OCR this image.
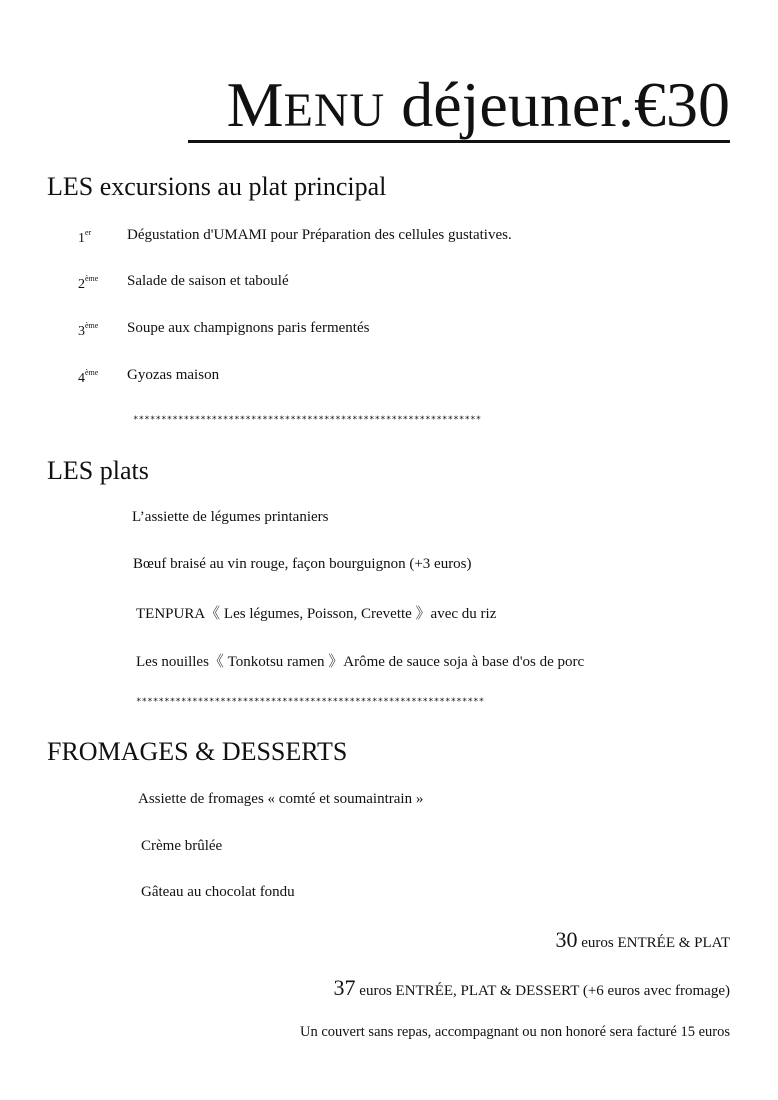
MENU déjeuner.€30
LES excursions au plat principal
1er Dégustation d'UMAMI pour Préparation des cellules gustatives.
2ème Salade de saison et taboulé
3ème Soupe aux champignons paris fermentés
4ème Gyozas maison
**************************************************************
LES plats
L’assiette de légumes printaniers
Bœuf braisé au vin rouge, façon bourguignon (+3 euros)
TENPURA《 Les légumes, Poisson, Crevette 》avec du riz
Les nouilles《 Tonkotsu ramen 》Arôme de sauce soja à base d'os de porc
**************************************************************
FROMAGES & DESSERTS
Assiette de fromages « comté et soumaintrain »
Crème brûlée
Gâteau au chocolat fondu
30 euros ENTRÉE & PLAT
37 euros ENTRÉE, PLAT & DESSERT (+6 euros avec fromage)
Un couvert sans repas, accompagnant ou non honoré sera facturé 15 euros
